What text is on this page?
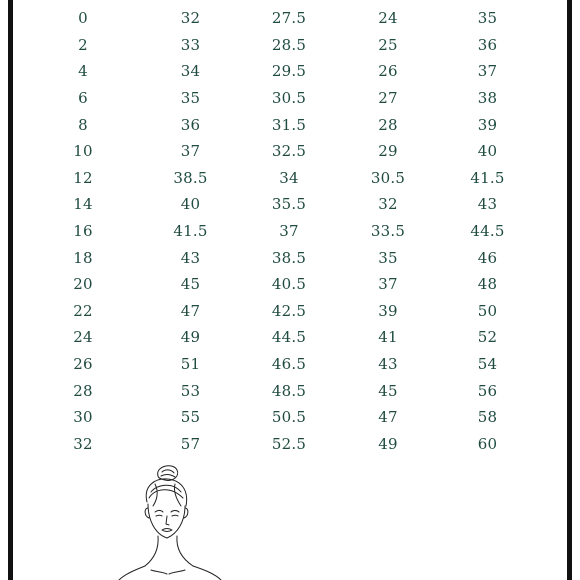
0	32	27.5	24	35
2	33	28.5	25	36
4	34	29.5	26	37
6	35	30.5	27	38
8	36	31.5	28	39
10	37	32.5	29	40
12	38.5	34	30.5	41.5
14	40	35.5	32	43
16	41.5	37	33.5	44.5
18	43	38.5	35	46
20	45	40.5	37	48
22	47	42.5	39	50
24	49	44.5	41	52
26	51	46.5	43	54
28	53	48.5	45	56
30	55	50.5	47	58
32	57	52.5	49	60
